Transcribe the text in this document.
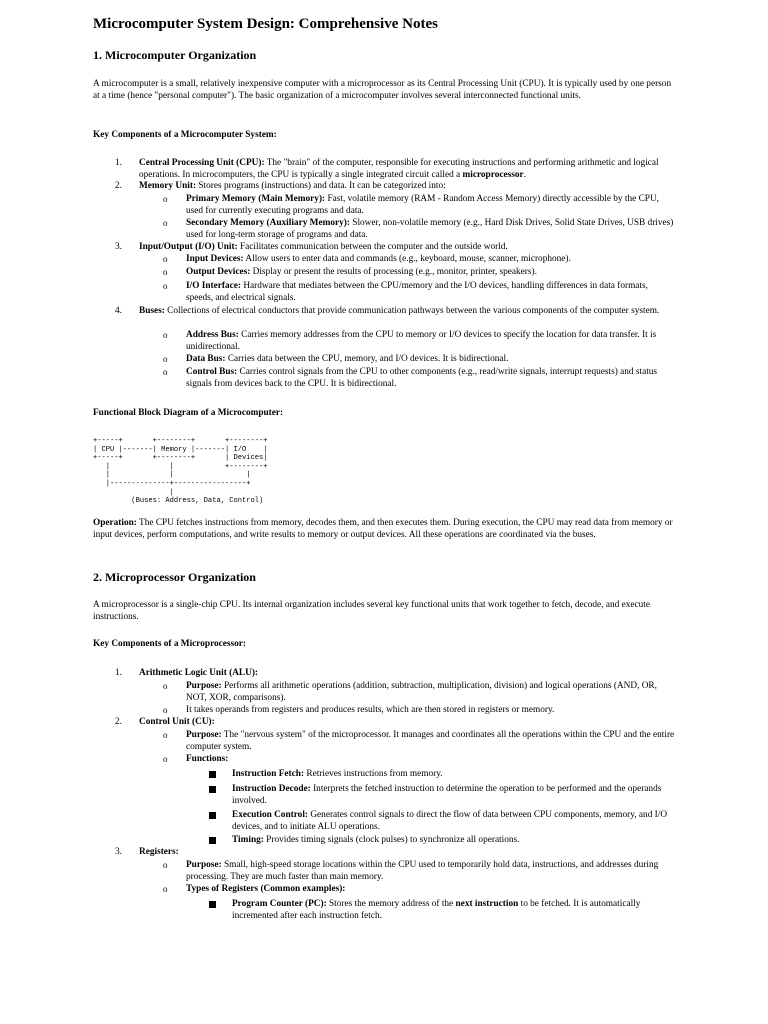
Microcomputer System Design: Comprehensive Notes
1. Microcomputer Organization
A microcomputer is a small, relatively inexpensive computer with a microprocessor as its Central Processing Unit (CPU). It is typically used by one person at a time (hence "personal computer"). The basic organization of a microcomputer involves several interconnected functional units.
Key Components of a Microcomputer System:
1. Central Processing Unit (CPU): The "brain" of the computer, responsible for executing instructions and performing arithmetic and logical operations. In microcomputers, the CPU is typically a single integrated circuit called a microprocessor.
2. Memory Unit: Stores programs (instructions) and data. It can be categorized into:
o Primary Memory (Main Memory): Fast, volatile memory (RAM - Random Access Memory) directly accessible by the CPU, used for currently executing programs and data.
o Secondary Memory (Auxiliary Memory): Slower, non-volatile memory (e.g., Hard Disk Drives, Solid State Drives, USB drives) used for long-term storage of programs and data.
3. Input/Output (I/O) Unit: Facilitates communication between the computer and the outside world.
o Input Devices: Allow users to enter data and commands (e.g., keyboard, mouse, scanner, microphone).
o Output Devices: Display or present the results of processing (e.g., monitor, printer, speakers).
o I/O Interface: Hardware that mediates between the CPU/memory and the I/O devices, handling differences in data formats, speeds, and electrical signals.
4. Buses: Collections of electrical conductors that provide communication pathways between the various components of the computer system.
o Address Bus: Carries memory addresses from the CPU to memory or I/O devices to specify the location for data transfer. It is unidirectional.
o Data Bus: Carries data between the CPU, memory, and I/O devices. It is bidirectional.
o Control Bus: Carries control signals from the CPU to other components (e.g., read/write signals, interrupt requests) and status signals from devices back to the CPU. It is bidirectional.
Functional Block Diagram of a Microcomputer:
+-----+       +--------+       +--------+
| CPU |-------| Memory |-------| I/O    |
+-----+       +--------+       | Devices|
|              |            +--------+
|              |                 |
|--------------+-----------------+
|
(Buses: Address, Data, Control)
Operation: The CPU fetches instructions from memory, decodes them, and then executes them. During execution, the CPU may read data from memory or input devices, perform computations, and write results to memory or output devices. All these operations are coordinated via the buses.
2. Microprocessor Organization
A microprocessor is a single-chip CPU. Its internal organization includes several key functional units that work together to fetch, decode, and execute instructions.
Key Components of a Microprocessor:
1. Arithmetic Logic Unit (ALU):
o Purpose: Performs all arithmetic operations (addition, subtraction, multiplication, division) and logical operations (AND, OR, NOT, XOR, comparisons).
o It takes operands from registers and produces results, which are then stored in registers or memory.
2. Control Unit (CU):
o Purpose: The "nervous system" of the microprocessor. It manages and coordinates all the operations within the CPU and the entire computer system.
o Functions:
Instruction Fetch: Retrieves instructions from memory.
Instruction Decode: Interprets the fetched instruction to determine the operation to be performed and the operands involved.
Execution Control: Generates control signals to direct the flow of data between CPU components, memory, and I/O devices, and to initiate ALU operations.
Timing: Provides timing signals (clock pulses) to synchronize all operations.
3. Registers:
o Purpose: Small, high-speed storage locations within the CPU used to temporarily hold data, instructions, and addresses during processing. They are much faster than main memory.
o Types of Registers (Common examples):
Program Counter (PC): Stores the memory address of the next instruction to be fetched. It is automatically incremented after each instruction fetch.
